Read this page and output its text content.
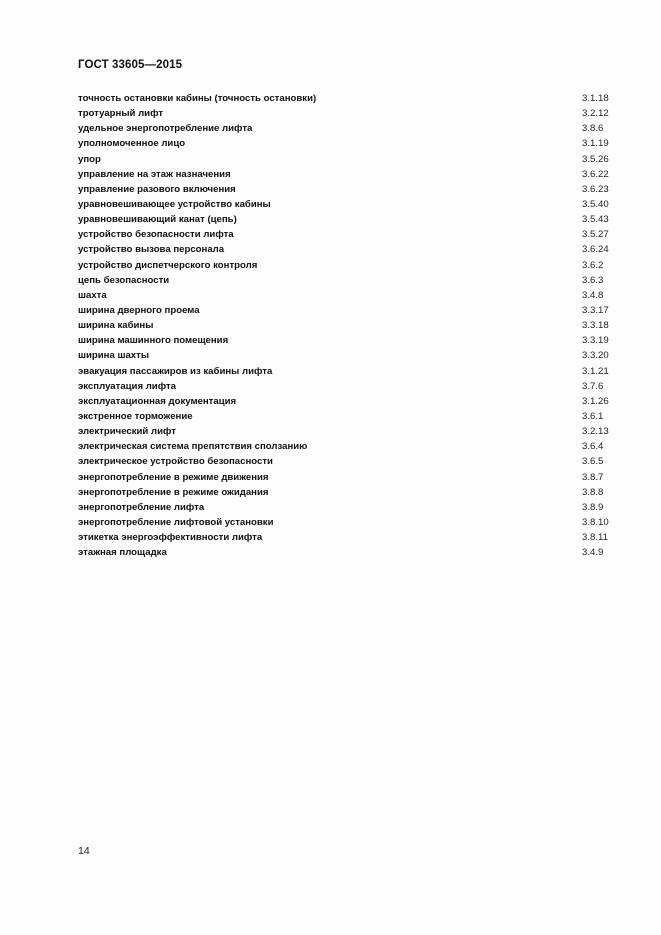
ГОСТ 33605—2015
точность остановки кабины (точность остановки)	3.1.18
тротуарный лифт	3.2.12
удельное энергопотребление лифта	3.8.6
уполномоченное лицо	3.1.19
упор	3.5.26
управление на этаж назначения	3.6.22
управление разового включения	3.6.23
уравновешивающее устройство кабины	3.5.40
уравновешивающий канат (цепь)	3.5.43
устройство безопасности лифта	3.5.27
устройство вызова персонала	3.6.24
устройство диспетчерского контроля	3.6.2
цепь безопасности	3.6.3
шахта	3.4.8
ширина дверного проема	3.3.17
ширина кабины	3.3.18
ширина машинного помещения	3.3.19
ширина шахты	3.3.20
эвакуация пассажиров из кабины лифта	3.1.21
эксплуатация лифта	3.7.6
эксплуатационная документация	3.1.26
экстренное торможение	3.6.1
электрический лифт	3.2.13
электрическая система препятствия сползанию	3.6.4
электрическое устройство безопасности	3.6.5
энергопотребление в режиме движения	3.8.7
энергопотребление в режиме ожидания	3.8.8
энергопотребление лифта	3.8.9
энергопотребление лифтовой установки	3.8.10
этикетка энергоэффективности лифта	3.8.11
этажная площадка	3.4.9
14
